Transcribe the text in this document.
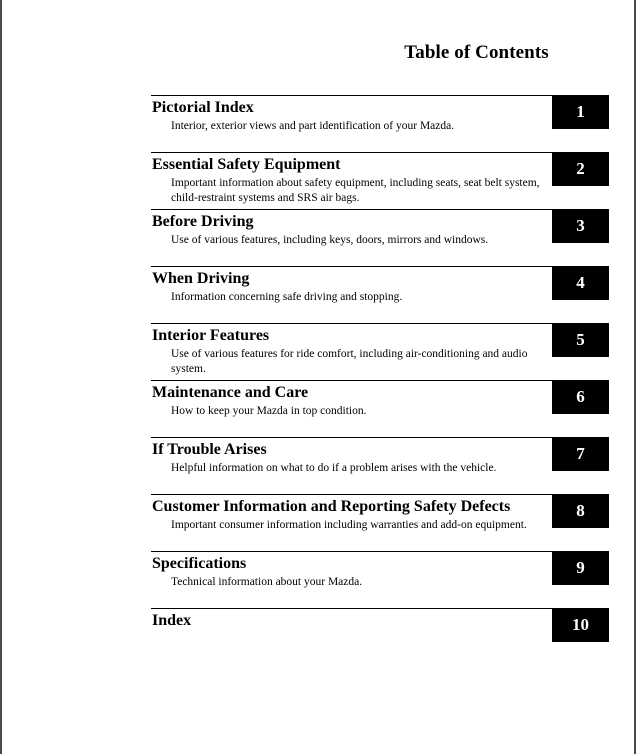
Table of Contents
Pictorial Index
Interior, exterior views and part identification of your Mazda.
1
Essential Safety Equipment
Important information about safety equipment, including seats, seat belt system, child-restraint systems and SRS air bags.
2
Before Driving
Use of various features, including keys, doors, mirrors and windows.
3
When Driving
Information concerning safe driving and stopping.
4
Interior Features
Use of various features for ride comfort, including air-conditioning and audio system.
5
Maintenance and Care
How to keep your Mazda in top condition.
6
If Trouble Arises
Helpful information on what to do if a problem arises with the vehicle.
7
Customer Information and Reporting Safety Defects
Important consumer information including warranties and add-on equipment.
8
Specifications
Technical information about your Mazda.
9
Index	10
